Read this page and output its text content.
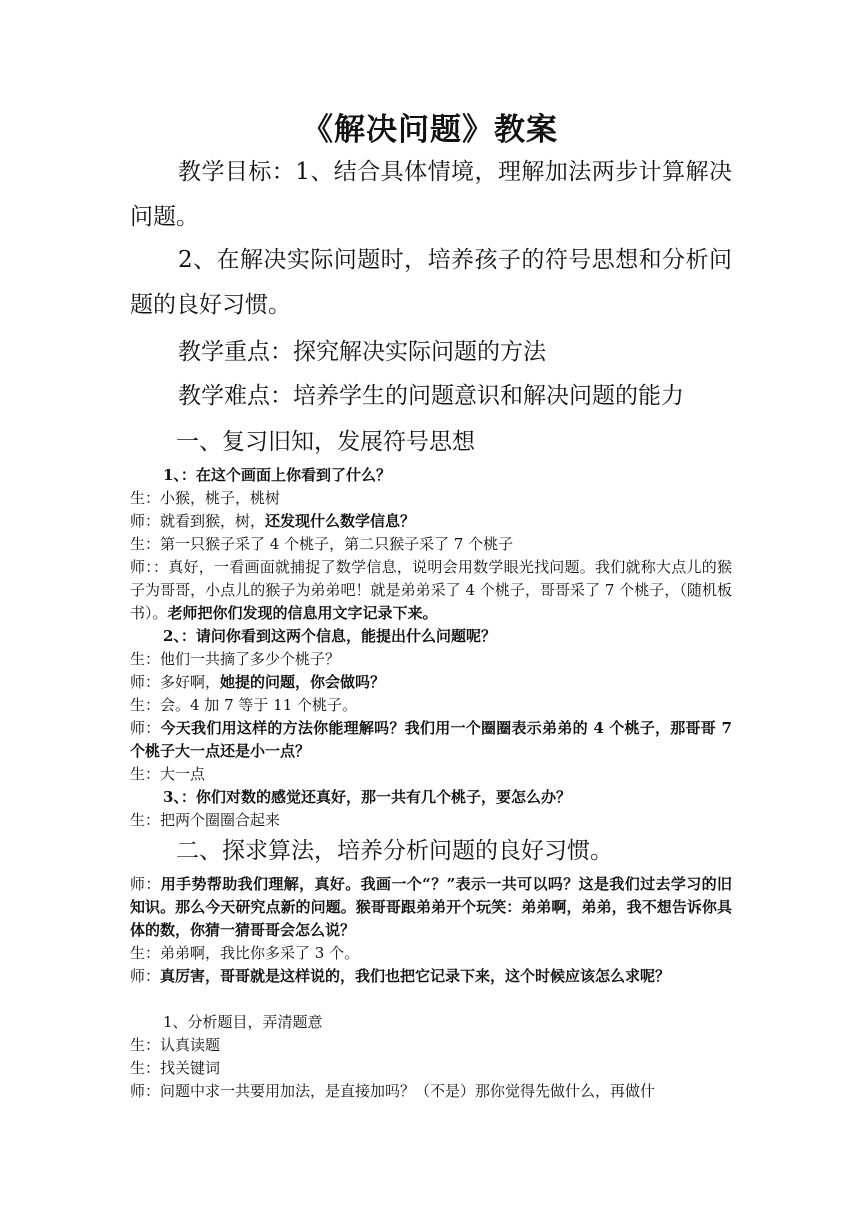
《解决问题》教案
教学目标：1、结合具体情境，理解加法两步计算解决问题。
2、在解决实际问题时，培养孩子的符号思想和分析问题的良好习惯。
教学重点：探究解决实际问题的方法
教学难点：培养学生的问题意识和解决问题的能力
一、复习旧知，发展符号思想
1、：在这个画面上你看到了什么？
生：小猴，桃子，桃树
师：就看到猴，树，还发现什么数学信息？
生：第一只猴子采了 4 个桃子，第二只猴子采了 7 个桃子
师：：真好，一看画面就捕捉了数学信息，说明会用数学眼光找问题。我们就称大点儿的猴子为哥哥，小点儿的猴子为弟弟吧！就是弟弟采了 4 个桃子，哥哥采了 7 个桃子，（随机板书）。老师把你们发现的信息用文字记录下来。
2、：请问你看到这两个信息，能提出什么问题呢？
生：他们一共摘了多少个桃子？
师：多好啊，她提的问题，你会做吗？
生：会。4 加 7 等于 11 个桃子。
师：今天我们用这样的方法你能理解吗？我们用一个圈圈表示弟弟的 4 个桃子，那哥哥 7 个桃子大一点还是小一点？
生：大一点
3、：你们对数的感觉还真好，那一共有几个桃子，要怎么办？
生：把两个圈圈合起来
二、探求算法，培养分析问题的良好习惯。
师：用手势帮助我们理解，真好。我画一个“？”表示一共可以吗？这是我们过去学习的旧知识。那么今天研究点新的问题。猴哥哥跟弟弟开个玩笑：弟弟啊，弟弟，我不想告诉你具体的数，你猜一猜哥哥会怎么说？
生：弟弟啊，我比你多采了 3 个。
师：真厉害，哥哥就是这样说的，我们也把它记录下来，这个时候应该怎么求呢？
1、分析题目，弄清题意
生：认真读题
生：找关键词
师：问题中求一共要用加法，是直接加吗？（不是）那你觉得先做什么，再做什
